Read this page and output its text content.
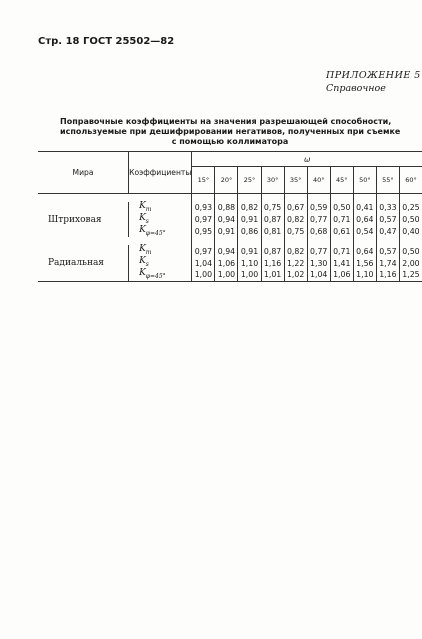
Стр. 18 ГОСТ 25502—82
ПРИЛОЖЕНИЕ 5
Справочное
Поправочные коэффициенты на значения разрешающей способности,
используемые при дешифрировании негативов, полученных при съемке
с помощью коллиматора
Мира	Коэффициенты	ω									
		15°	20°	25°	30°	35°	40°	45°	50°	55°	60°

Штриховая	$K_m$	0,93	0,88	0,82	0,75	0,67	0,59	0,50	0,41	0,33	0,25
	$K_s$	0,97	0,94	0,91	0,87	0,82	0,77	0,71	0,64	0,57	0,50
	$K_{\varphi=45^\circ}$	0,95	0,91	0,86	0,81	0,75	0,68	0,61	0,54	0,47	0,40

Радиальная	$K_m$	0,97	0,94	0,91	0,87	0,82	0,77	0,71	0,64	0,57	0,50
	$K_s$	1,04	1,06	1,10	1,16	1,22	1,30	1,41	1,56	1,74	2,00
	$K_{\varphi=45^\circ}$	1,00	1,00	1,00	1,01	1,02	1,04	1,06	1,10	1,16	1,25
